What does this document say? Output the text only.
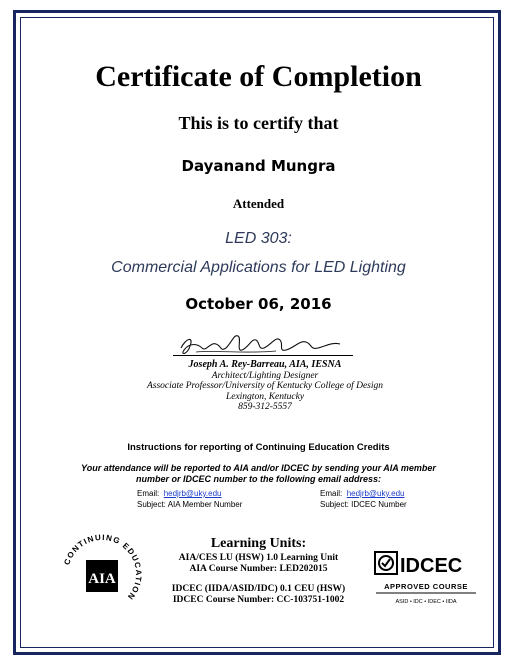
Certificate of Completion
This is to certify that
Dayanand Mungra
Attended
LED 303:
Commercial Applications for LED Lighting
October 06, 2016
Joseph A. Rey-Barreau, AIA, IESNA
Architect/Lighting Designer
Associate Professor/University of Kentucky College of Design
Lexington, Kentucky
859-312-5557
Instructions for reporting of Continuing Education Credits
Your attendance will be reported to AIA and/or IDCEC by sending your AIA member
number or IDCEC number to the following email address:
Email: hedjrb@uky.edu
Subject: AIA Member Number
Email: hedjrb@uky.edu
Subject: IDCEC Number
Learning Units:
AIA/CES LU (HSW) 1.0 Learning Unit
AIA Course Number: LED202015
IDCEC (IIDA/ASID/IDC) 0.1 CEU (HSW)
IDCEC Course Number: CC-103751-1002
CONTINUING EDUCATION
AIA
IDCEC
APPROVED COURSE
ASID • IDC • IDEC • IIDA
